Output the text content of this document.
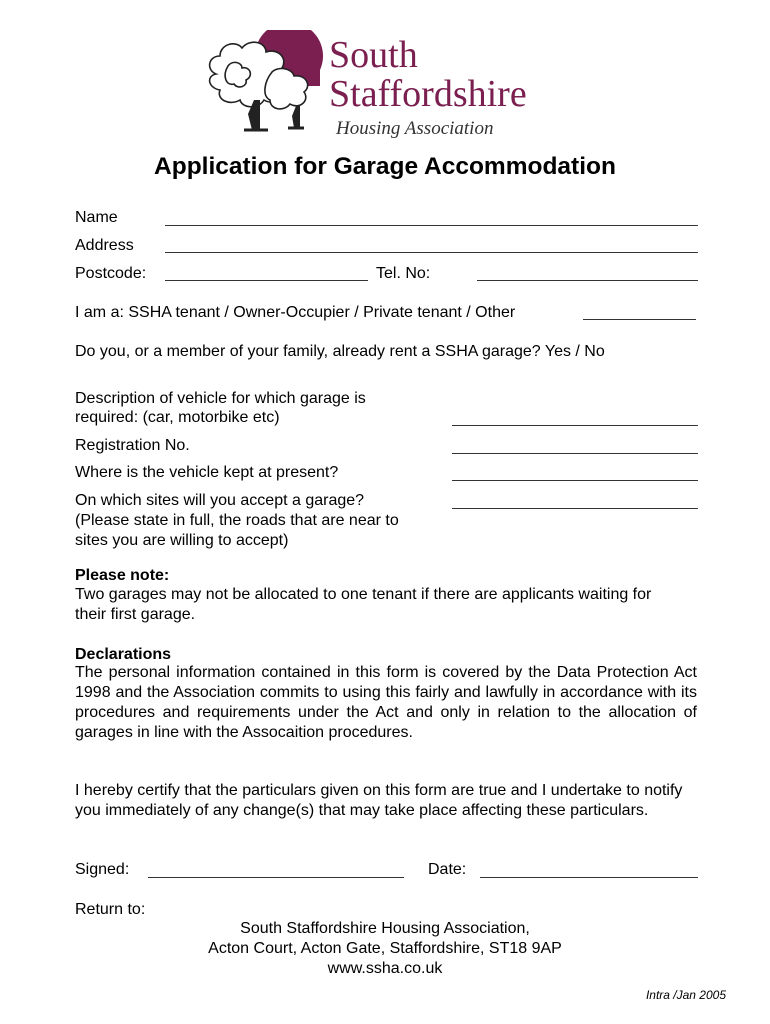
South
Staffordshire
Housing Association
Application for Garage Accommodation
Name
Address
Postcode:	Tel. No:
I am a: SSHA tenant / Owner-Occupier / Private tenant / Other
Do you, or a member of your family, already rent a SSHA garage? Yes / No
Description of vehicle for which garage is
required: (car, motorbike etc)
Registration No.
Where is the vehicle kept at present?
On which sites will you accept a garage?
(Please state in full, the roads that are near to
sites you are willing to accept)
Please note:
Two garages may not be allocated to one tenant if there are applicants waiting for their first garage.
Declarations
The personal information contained in this form is covered by the Data Protection Act 1998 and the Association commits to using this fairly and lawfully in accordance with its procedures and requirements under the Act and only in relation to the allocation of garages in line with the Assocaition procedures.
I hereby certify that the particulars given on this form are true and I undertake to notify you immediately of any change(s) that may take place affecting these particulars.
Signed:	Date:
Return to:
South Staffordshire Housing Association,
Acton Court, Acton Gate, Staffordshire, ST18 9AP
www.ssha.co.uk
Intra /Jan 2005
